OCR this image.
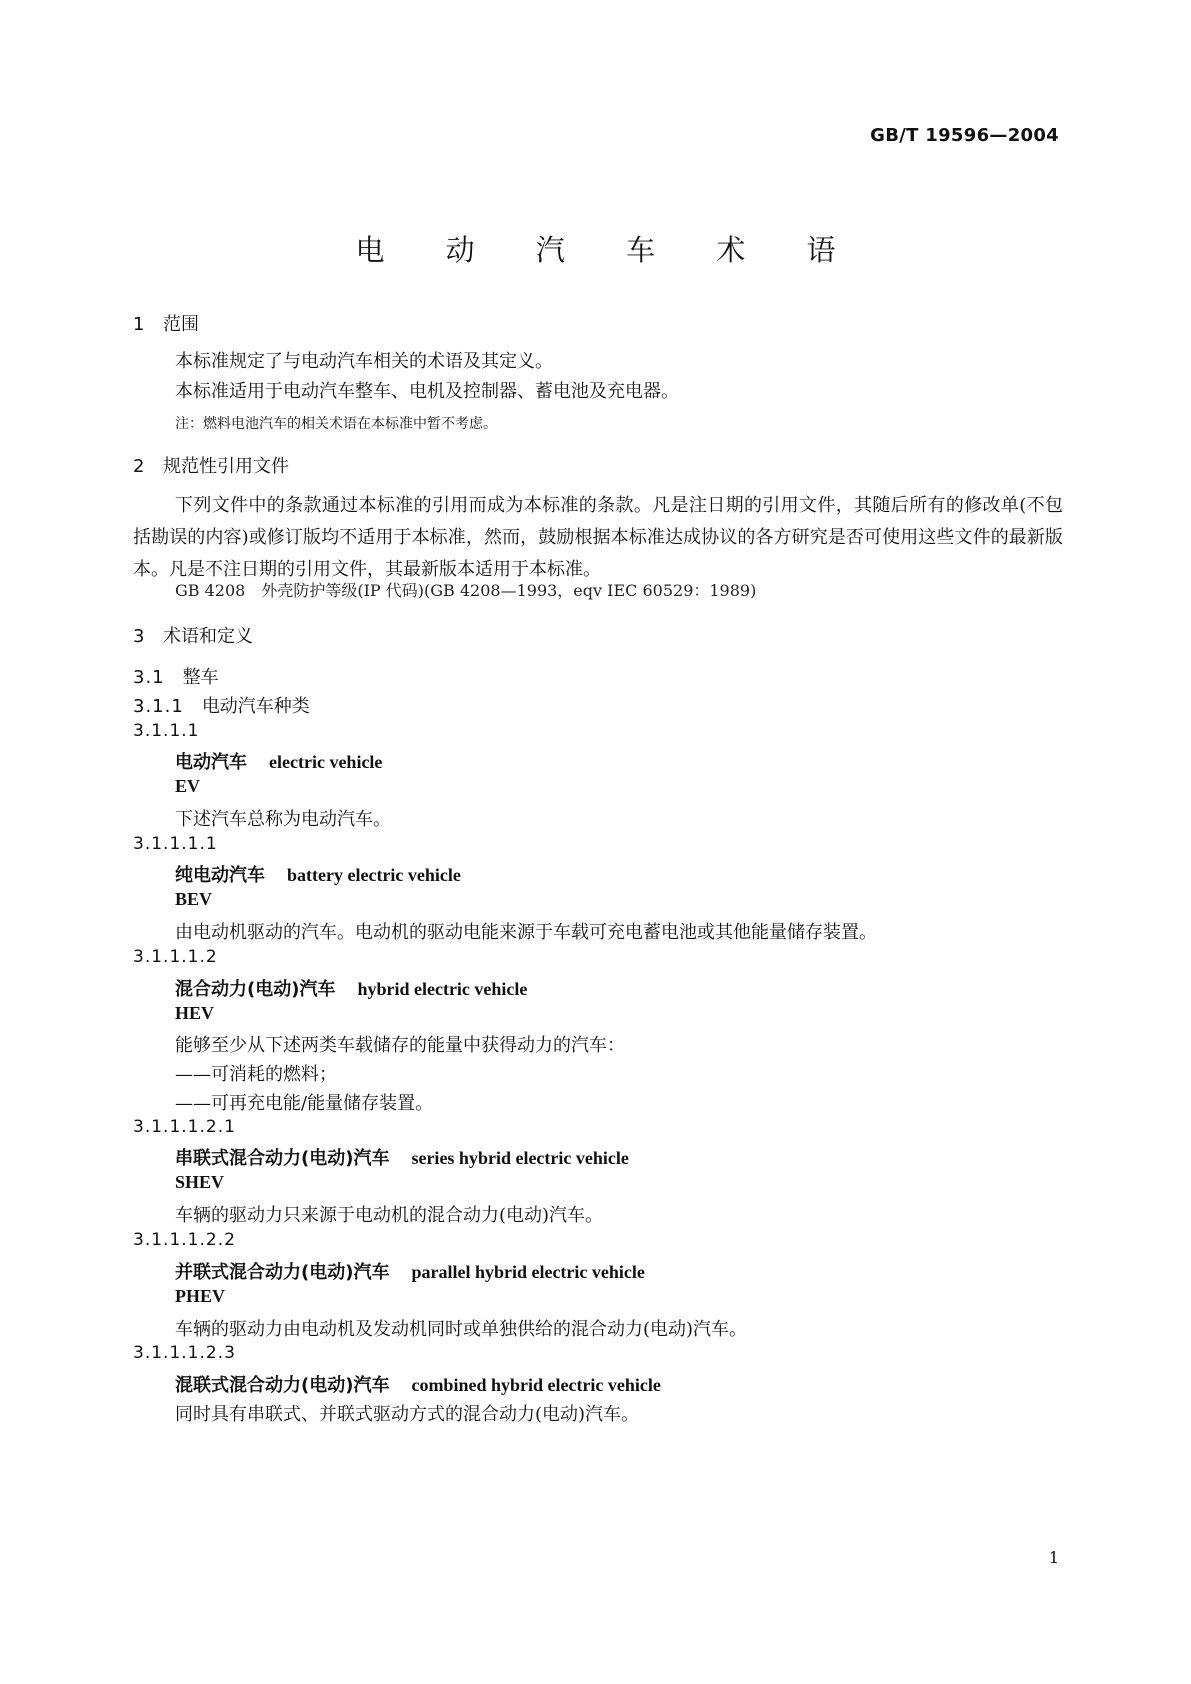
GB/T 19596—2004
电 动 汽 车 术 语
1 范围
本标准规定了与电动汽车相关的术语及其定义。
本标准适用于电动汽车整车、电机及控制器、蓄电池及充电器。
注：燃料电池汽车的相关术语在本标准中暂不考虑。
2 规范性引用文件
下列文件中的条款通过本标准的引用而成为本标准的条款。凡是注日期的引用文件，其随后所有的修改单(不包括勘误的内容)或修订版均不适用于本标准，然而，鼓励根据本标准达成协议的各方研究是否可使用这些文件的最新版本。凡是不注日期的引用文件，其最新版本适用于本标准。
GB 4208　外壳防护等级(IP 代码)(GB 4208—1993，eqv IEC 60529：1989)
3 术语和定义
3.1　 整车
3.1.1　 电动汽车种类
3.1.1.1
电动汽车 electric vehicle
EV
下述汽车总称为电动汽车。
3.1.1.1.1
纯电动汽车 battery electric vehicle
BEV
由电动机驱动的汽车。电动机的驱动电能来源于车载可充电蓄电池或其他能量储存装置。
3.1.1.1.2
混合动力(电动)汽车 hybrid electric vehicle
HEV
能够至少从下述两类车载储存的能量中获得动力的汽车：
——可消耗的燃料；
——可再充电能/能量储存装置。
3.1.1.1.2.1
串联式混合动力(电动)汽车 series hybrid electric vehicle
SHEV
车辆的驱动力只来源于电动机的混合动力(电动)汽车。
3.1.1.1.2.2
并联式混合动力(电动)汽车 parallel hybrid electric vehicle
PHEV
车辆的驱动力由电动机及发动机同时或单独供给的混合动力(电动)汽车。
3.1.1.1.2.3
混联式混合动力(电动)汽车 combined hybrid electric vehicle
同时具有串联式、并联式驱动方式的混合动力(电动)汽车。
1
